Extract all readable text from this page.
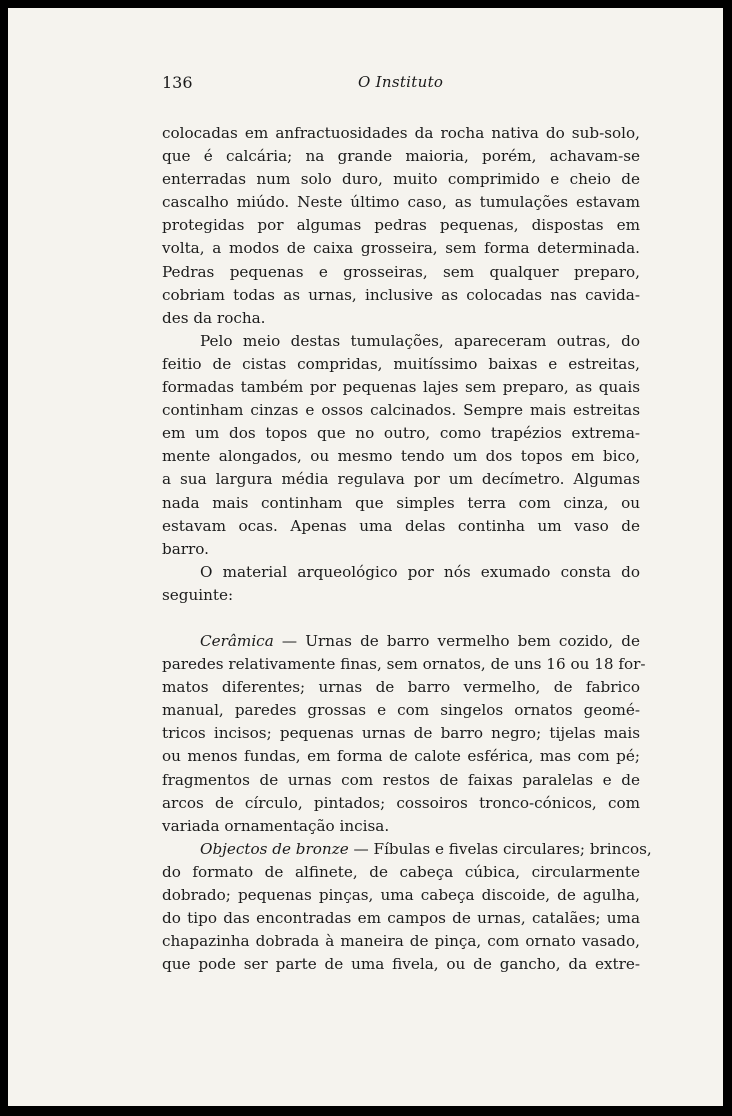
136	O Instituto

colocadas em anfractuosidades da rocha nativa do sub-solo,
que é calcária; na grande maioria, porém, achavam-se
enterradas num solo duro, muito comprimido e cheio de
cascalho miúdo. Neste último caso, as tumulações estavam
protegidas por algumas pedras pequenas, dispostas em
volta, a modos de caixa grosseira, sem forma determinada.
Pedras pequenas e grosseiras, sem qualquer preparo,
cobriam todas as urnas, inclusive as colocadas nas cavida-
des da rocha.

Pelo meio destas tumulações, apareceram outras, do
feitio de cistas compridas, muitíssimo baixas e estreitas,
formadas também por pequenas lajes sem preparo, as quais
continham cinzas e ossos calcinados. Sempre mais estreitas
em um dos topos que no outro, como trapézios extrema-
mente alongados, ou mesmo tendo um dos topos em bico,
a sua largura média regulava por um decímetro. Algumas
nada mais continham que simples terra com cinza, ou
estavam ocas. Apenas uma delas continha um vaso de
barro.

O material arqueológico por nós exumado consta do
seguinte:

Cerâmica — Urnas de barro vermelho bem cozido, de
paredes relativamente finas, sem ornatos, de uns 16 ou 18 for-
matos diferentes; urnas de barro vermelho, de fabrico
manual, paredes grossas e com singelos ornatos geomé-
tricos incisos; pequenas urnas de barro negro; tijelas mais
ou menos fundas, em forma de calote esférica, mas com pé;
fragmentos de urnas com restos de faixas paralelas e de
arcos de círculo, pintados; cossoiros tronco-cónicos, com
variada ornamentação incisa.

Objectos de bronze — Fíbulas e fivelas circulares; brincos,
do formato de alfinete, de cabeça cúbica, circularmente
dobrado; pequenas pinças, uma cabeça discoide, de agulha,
do tipo das encontradas em campos de urnas, catalães; uma
chapazinha dobrada à maneira de pinça, com ornato vasado,
que pode ser parte de uma fivela, ou de gancho, da extre-
